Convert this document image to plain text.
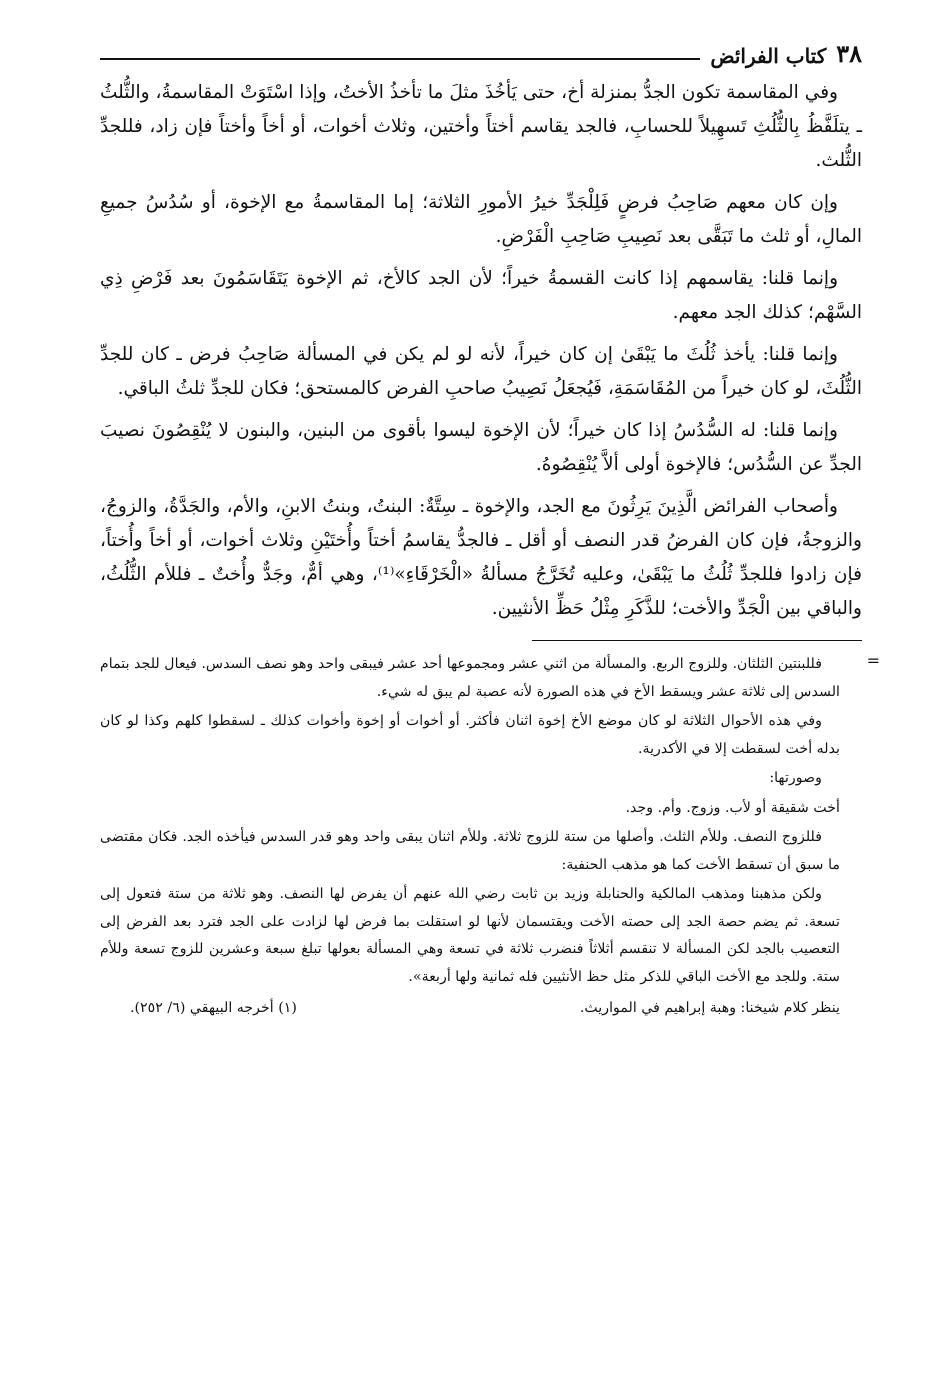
٣٨
كتاب الفرائض

وفي المقاسمة تكون الجدُّ بمنزلة أخ، حتى يَأخُذَ مثلَ ما تأخذُ الأختُ، وإذا اسْتَوَتْ المقاسمةُ، والثُّلثُ ـ يتلَفَّظُ بِالثُّلُثِ تَسهِيلاً للحسابِ، فالجد يقاسم أختاً وأختين، وثلاث أخوات، أو أخاً وأختاً فإن زاد، فللجدِّ الثُّلث.

وإن كان معهم صَاحِبُ فرضٍ فَلِلْجَدِّ خيرُ الأمورِ الثلاثة؛ إما المقاسمةُ مع الإخوة، أو سُدُسُ جميعِ المالِ، أو ثلث ما تَبَقَّى بعد نَصِيبِ صَاحِبِ الْفَرْضِ.

وإنما قلنا: يقاسمهم إذا كانت القسمةُ خيراً؛ لأن الجد كالأخ، ثم الإخوة يَتَقَاسَمُونَ بعد فَرْضِ ذِي السَّهْم؛ كذلك الجد معهم.

وإنما قلنا: يأخذ ثُلُثَ ما يَبْقَىٰ إن كان خيراً، لأنه لو لم يكن في المسألة صَاحِبُ فرض ـ كان للجدِّ الثُّلُثَ، لو كان خيراً من المُقَاسَمَةِ، فَيُجعَلُ نَصِيبُ صاحبِ الفرض كالمستحق؛ فكان للجدِّ ثلثُ الباقي.

وإنما قلنا: له السُّدُسُ إذا كان خيراً؛ لأن الإخوة ليسوا بأقوى من البنين، والبنون لا يُنْقِصُونَ نصيبَ الجدِّ عن السُّدُس؛ فالإخوة أولى ألاَّ يُنْقِصُوهُ.

وأصحاب الفرائض الَّذِينَ يَرِثُونَ مع الجد، والإخوة ـ سِتَّةٌ: البنتُ، وبنتُ الابنِ، والأم، والجَدَّةُ، والزوجُ، والزوجةُ، فإن كان الفرضُ قدر النصف أو أقل ـ فالجدُّ يقاسمُ أختاً وأُختَيْنِ وثلاث أخوات، أو أخاً وأُختاً، فإن زادوا فللجدِّ ثُلُثُ ما يَبْقَىٰ، وعليه تُخَرَّجُ مسألةُ «الْخَرْقَاءِ»⁽¹⁾، وهي أمٌّ، وجَدٌّ وأُختٌ ـ فللأم الثُّلُثُ، والباقي بين الْجَدِّ والأخت؛ للذَّكَرِ مِثْلُ حَظِّ الأنثيين.

=

فللبنتين الثلثان. وللزوج الربع. والمسألة من اثني عشر ومجموعها أحد عشر فيبقى واحد وهو نصف السدس. فيعال للجد بتمام السدس إلى ثلاثة عشر ويسقط الأخ في هذه الصورة لأنه عصبة لم يبق له شيء.

وفي هذه الأحوال الثلاثة لو كان موضع الأخ إخوة اثنان فأكثر. أو أخوات أو إخوة وأخوات كذلك ـ لسقطوا كلهم وكذا لو كان بدله أخت لسقطت إلا في الأكدرية.

وصورتها:

أخت شقيقة أو لأب. وزوج. وأم. وجد.

فللزوج النصف. وللأم الثلث. وأصلها من ستة للزوج ثلاثة. وللأم اثنان يبقى واحد وهو قدر السدس فيأخذه الجد. فكان مقتضى ما سبق أن تسقط الأخت كما هو مذهب الحنفية:

ولكن مذهبنا ومذهب المالكية والحنابلة وزيد بن ثابت رضي الله عنهم أن يفرض لها النصف. وهو ثلاثة من ستة فتعول إلى تسعة. ثم يضم حصة الجد إلى حصته الأخت ويقتسمان لأنها لو استقلت بما فرض لها لزادت على الجد فترد بعد الفرض إلى التعصيب بالجد لكن المسألة لا تنقسم أثلاثاً فنضرب ثلاثة في تسعة وهي المسألة بعولها تبلغ سبعة وعشرين للزوج تسعة وللأم ستة. وللجد مع الأخت الباقي للذكر مثل حظ الأنثيين فله ثمانية ولها أربعة».

ينظر كلام شيخنا: وهبة إبراهيم في المواريث.
(١) أخرجه البيهقي (٦/ ٢٥٢).
